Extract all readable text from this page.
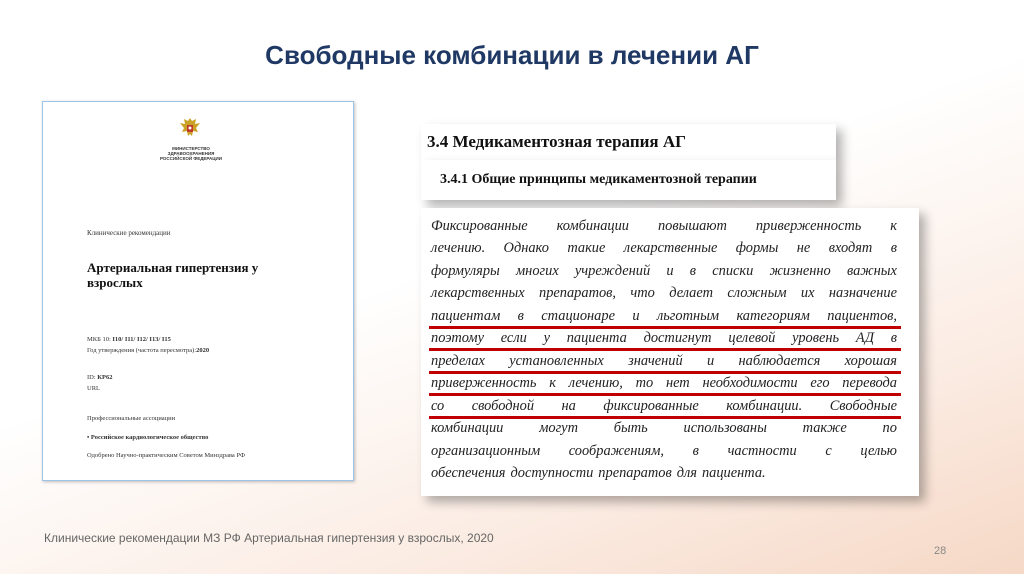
Свободные комбинации в лечении АГ
МИНИСТЕРСТВО
ЗДРАВООХРАНЕНИЯ
РОССИЙСКОЙ ФЕДЕРАЦИИ
Клинические рекомендации
Артериальная гипертензия у взрослых
МКБ 10: I10/ I11/ I12/ I13/ I15
Год утверждения (частота пересмотра):2020
ID: КР62
URL
Профессиональные ассоциации
• Российское кардиологическое общество
Одобрено Научно-практическим Советом Минздрава РФ
3.4 Медикаментозная терапия АГ
3.4.1 Общие принципы медикаментозной терапии
Фиксированные комбинации повышают приверженность к
лечению. Однако такие лекарственные формы не входят в
формуляры многих учреждений и в списки жизненно важных
лекарственных препаратов, что делает сложным их назначение
пациентам в стационаре и льготным категориям пациентов,
поэтому если у пациента достигнут целевой уровень АД в
пределах установленных значений и наблюдается хорошая
приверженность к лечению, то нет необходимости его перевода
со свободной на фиксированные комбинации. Свободные
комбинации могут быть использованы также по
организационным соображениям, в частности с целью
обеспечения доступности препаратов для пациента.
Клинические рекомендации МЗ РФ Артериальная гипертензия у взрослых, 2020
28
